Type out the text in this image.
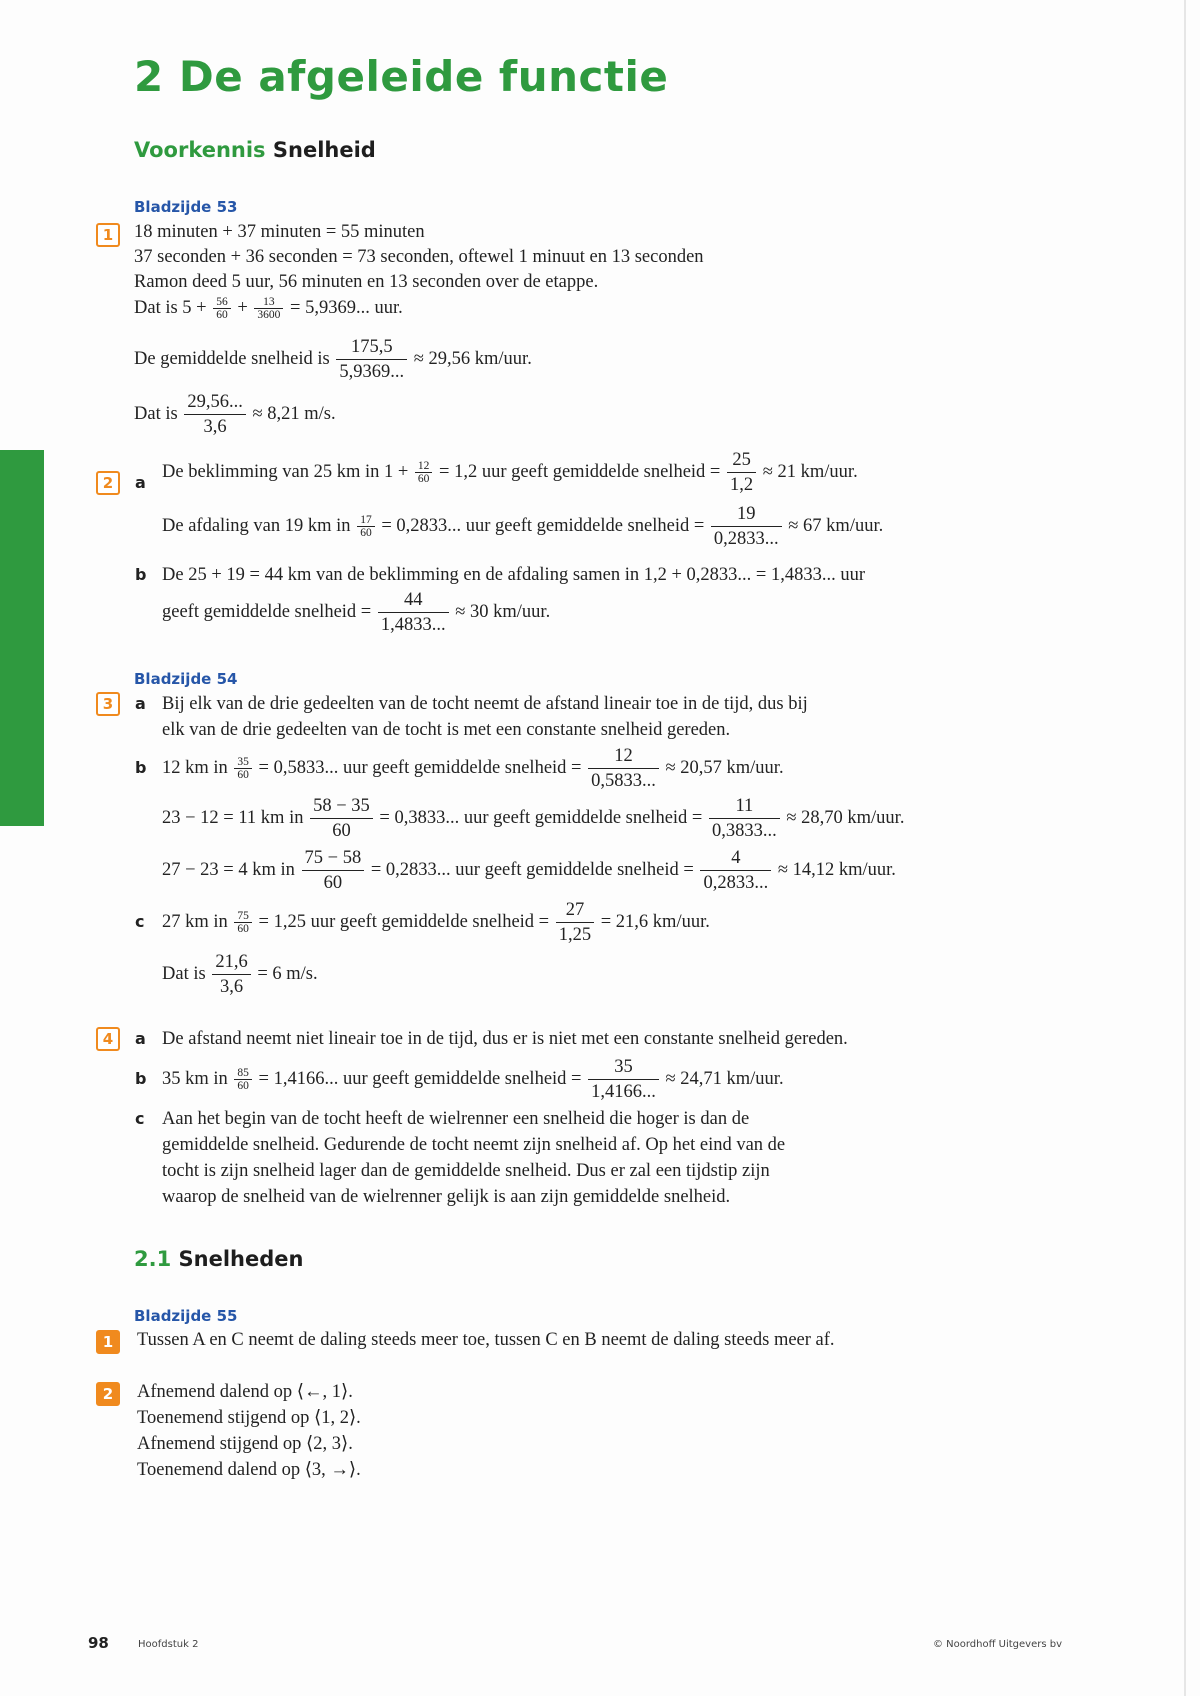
2 De afgeleide functie
Voorkennis Snelheid
Bladzijde 53
1	18 minuten + 37 minuten = 55 minuten
37 seconden + 36 seconden = 73 seconden, oftewel 1 minuut en 13 seconden
Ramon deed 5 uur, 56 minuten en 13 seconden over de etappe.
Dat is $5 + \frac{56}{60} + \frac{13}{3600} = 5,9369$... uur.
De gemiddelde snelheid is $\frac{175,5}{5,9369...} \approx 29,56$ km/uur.
Dat is $\frac{29,56...}{3,6} \approx 8,21$ m/s.
2	a
De beklimming van 25 km in $1 + \frac{12}{60} = 1,2$ uur geeft gemiddelde snelheid = $\frac{25}{1,2} \approx 21$ km/uur.
De afdaling van 19 km in $\frac{17}{60} = 0,2833$... uur geeft gemiddelde snelheid = $\frac{19}{0,2833...} \approx 67$ km/uur.
b De 25 + 19 = 44 km van de beklimming en de afdaling samen in 1,2 + 0,2833... = 1,4833... uur
geeft gemiddelde snelheid = $\frac{44}{1,4833...} \approx 30$ km/uur.
Bladzijde 54
3	a Bij elk van de drie gedeelten van de tocht neemt de afstand lineair toe in de tijd, dus bij
elk van de drie gedeelten van de tocht is met een constante snelheid gereden.
b 12 km in $\frac{35}{60} = 0,5833$... uur geeft gemiddelde snelheid = $\frac{12}{0,5833...} \approx 20,57$ km/uur.
23 − 12 = 11 km in $\frac{58 - 35}{60} = 0,3833$... uur geeft gemiddelde snelheid = $\frac{11}{0,3833...} \approx 28,70$ km/uur.
27 − 23 = 4 km in $\frac{75 - 58}{60} = 0,2833$... uur geeft gemiddelde snelheid = $\frac{4}{0,2833...} \approx 14,12$ km/uur.
c 27 km in $\frac{75}{60} = 1,25$ uur geeft gemiddelde snelheid = $\frac{27}{1,25} = 21,6$ km/uur.
Dat is $\frac{21,6}{3,6} = 6$ m/s.
4	a De afstand neemt niet lineair toe in de tijd, dus er is niet met een constante snelheid gereden.
b 35 km in $\frac{85}{60} = 1,4166$... uur geeft gemiddelde snelheid = $\frac{35}{1,4166...} \approx 24,71$ km/uur.
c Aan het begin van de tocht heeft de wielrenner een snelheid die hoger is dan de
gemiddelde snelheid. Gedurende de tocht neemt zijn snelheid af. Op het eind van de
tocht is zijn snelheid lager dan de gemiddelde snelheid. Dus er zal een tijdstip zijn
waarop de snelheid van de wielrenner gelijk is aan zijn gemiddelde snelheid.
2.1 Snelheden
Bladzijde 55
1	Tussen A en C neemt de daling steeds meer toe, tussen C en B neemt de daling steeds meer af.
2	Afnemend dalend op ⟨←, 1⟩.
Toenemend stijgend op ⟨1, 2⟩.
Afnemend stijgend op ⟨2, 3⟩.
Toenemend dalend op ⟨3, →⟩.
98	Hoofdstuk 2	© Noordhoff Uitgevers bv
